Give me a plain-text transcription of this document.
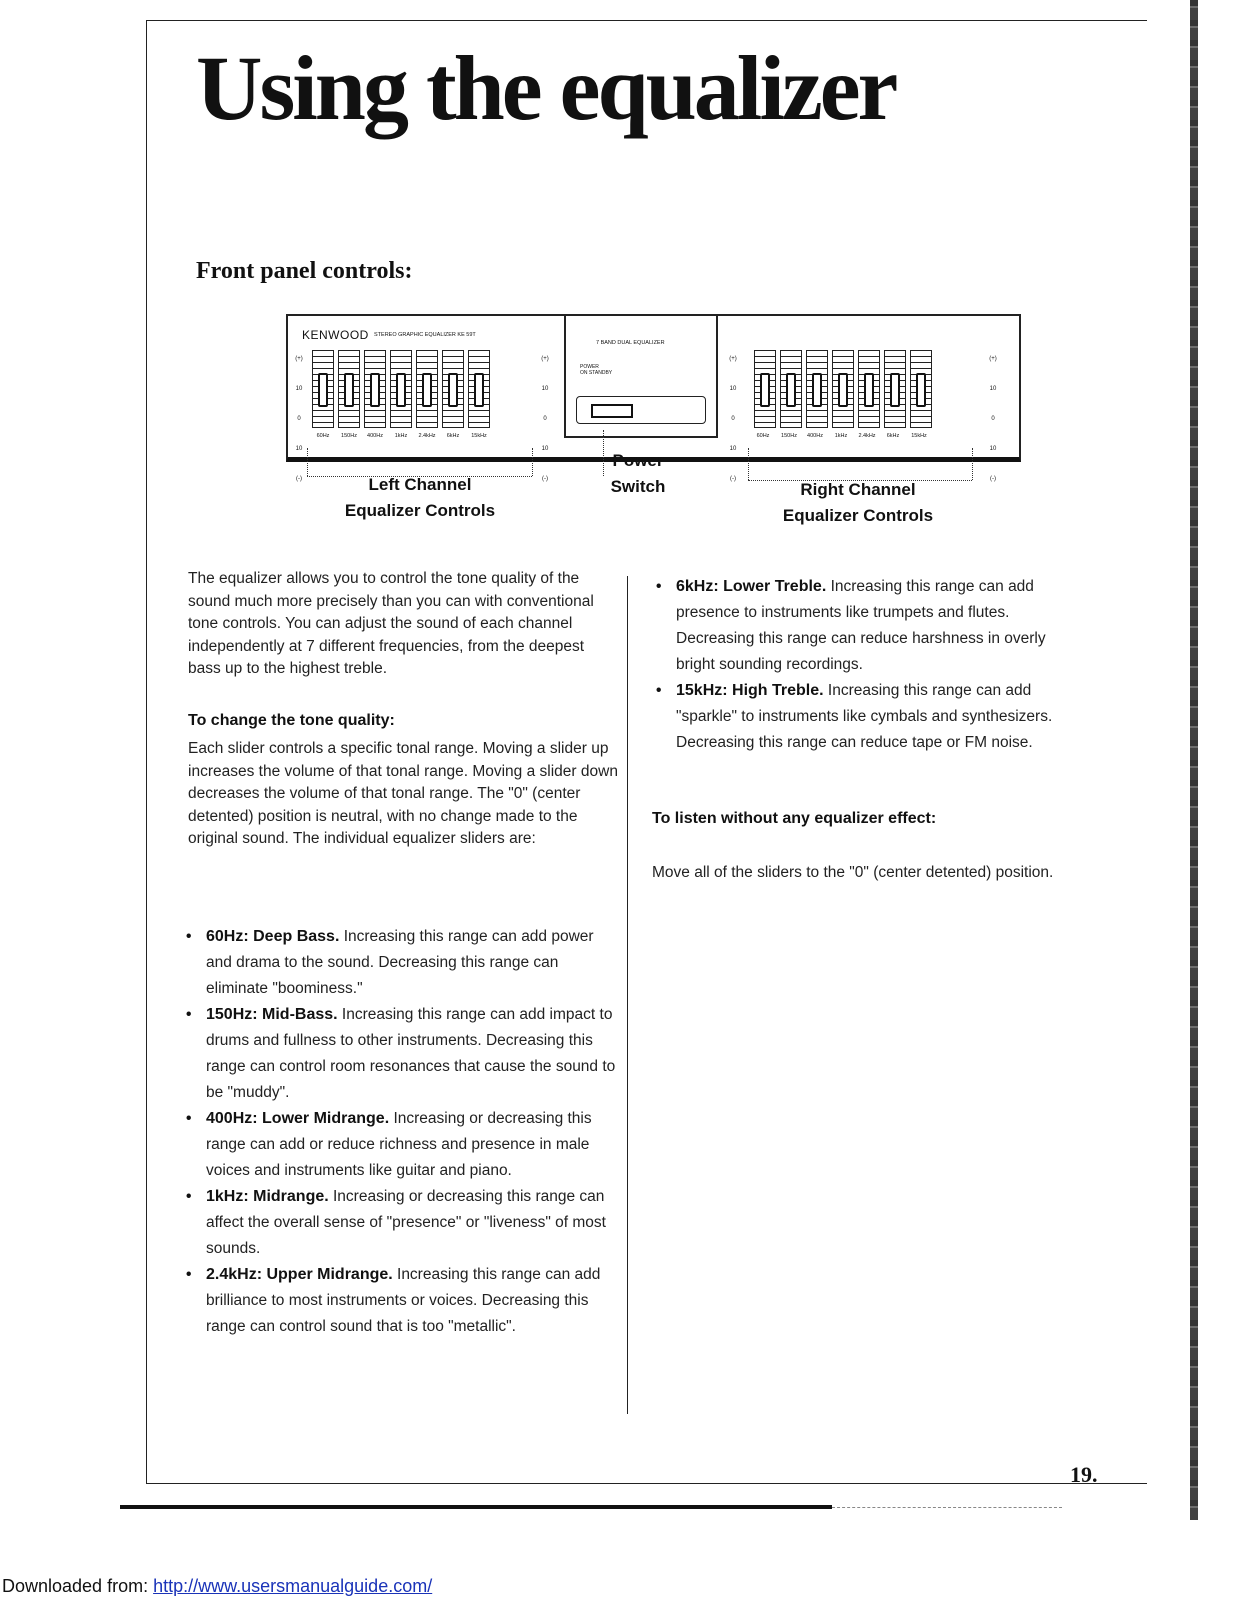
Using the equalizer
Front panel controls:
KENWOOD STEREO GRAPHIC EQUALIZER KE 59T
(+) 10
0
10 (-)
60Hz	150Hz	400Hz	1kHz	2.4kHz	6kHz	15kHz
(+) 10
0
10 (-)
7 BAND DUAL EQUALIZER
POWER
ON STANDBY
(+) 10
0
10 (-)
60Hz	150Hz	400Hz	1kHz	2.4kHz	6kHz	15kHz
(+) 10
0
10 (-)
Left Channel
Equalizer Controls
Power
Switch	Right Channel
Equalizer Controls

The equalizer allows you to control the tone quality of the sound much more precisely than you can with conventional tone controls. You can adjust the sound of each channel independently at 7 different frequencies, from the deepest bass up to the highest treble.

To change the tone quality:

Each slider controls a specific tonal range. Moving a slider up increases the volume of that tonal range. Moving a slider down decreases the volume of that tonal range. The "0" (center detented) position is neutral, with no change made to the original sound. The individual equalizer sliders are:

• 60Hz: Deep Bass. Increasing this range can add power and drama to the sound. Decreasing this range can eliminate "boominess."
• 150Hz: Mid-Bass. Increasing this range can add impact to drums and fullness to other instruments. Decreasing this range can control room resonances that cause the sound to be "muddy".
• 400Hz: Lower Midrange. Increasing or decreasing this range can add or reduce richness and presence in male voices and instruments like guitar and piano.
• 1kHz: Midrange. Increasing or decreasing this range can affect the overall sense of "presence" or "liveness" of most sounds.
• 2.4kHz: Upper Midrange. Increasing this range can add brilliance to most instruments or voices. Decreasing this range can control sound that is too "metallic".
• 6kHz: Lower Treble. Increasing this range can add presence to instruments like trumpets and flutes. Decreasing this range can reduce harshness in overly bright sounding recordings.
• 15kHz: High Treble. Increasing this range can add "sparkle" to instruments like cymbals and synthesizers. Decreasing this range can reduce tape or FM noise.
To listen without any equalizer effect:

Move all of the sliders to the "0" (center detented) position.

19.
Downloaded from: http://www.usersmanualguide.com/
